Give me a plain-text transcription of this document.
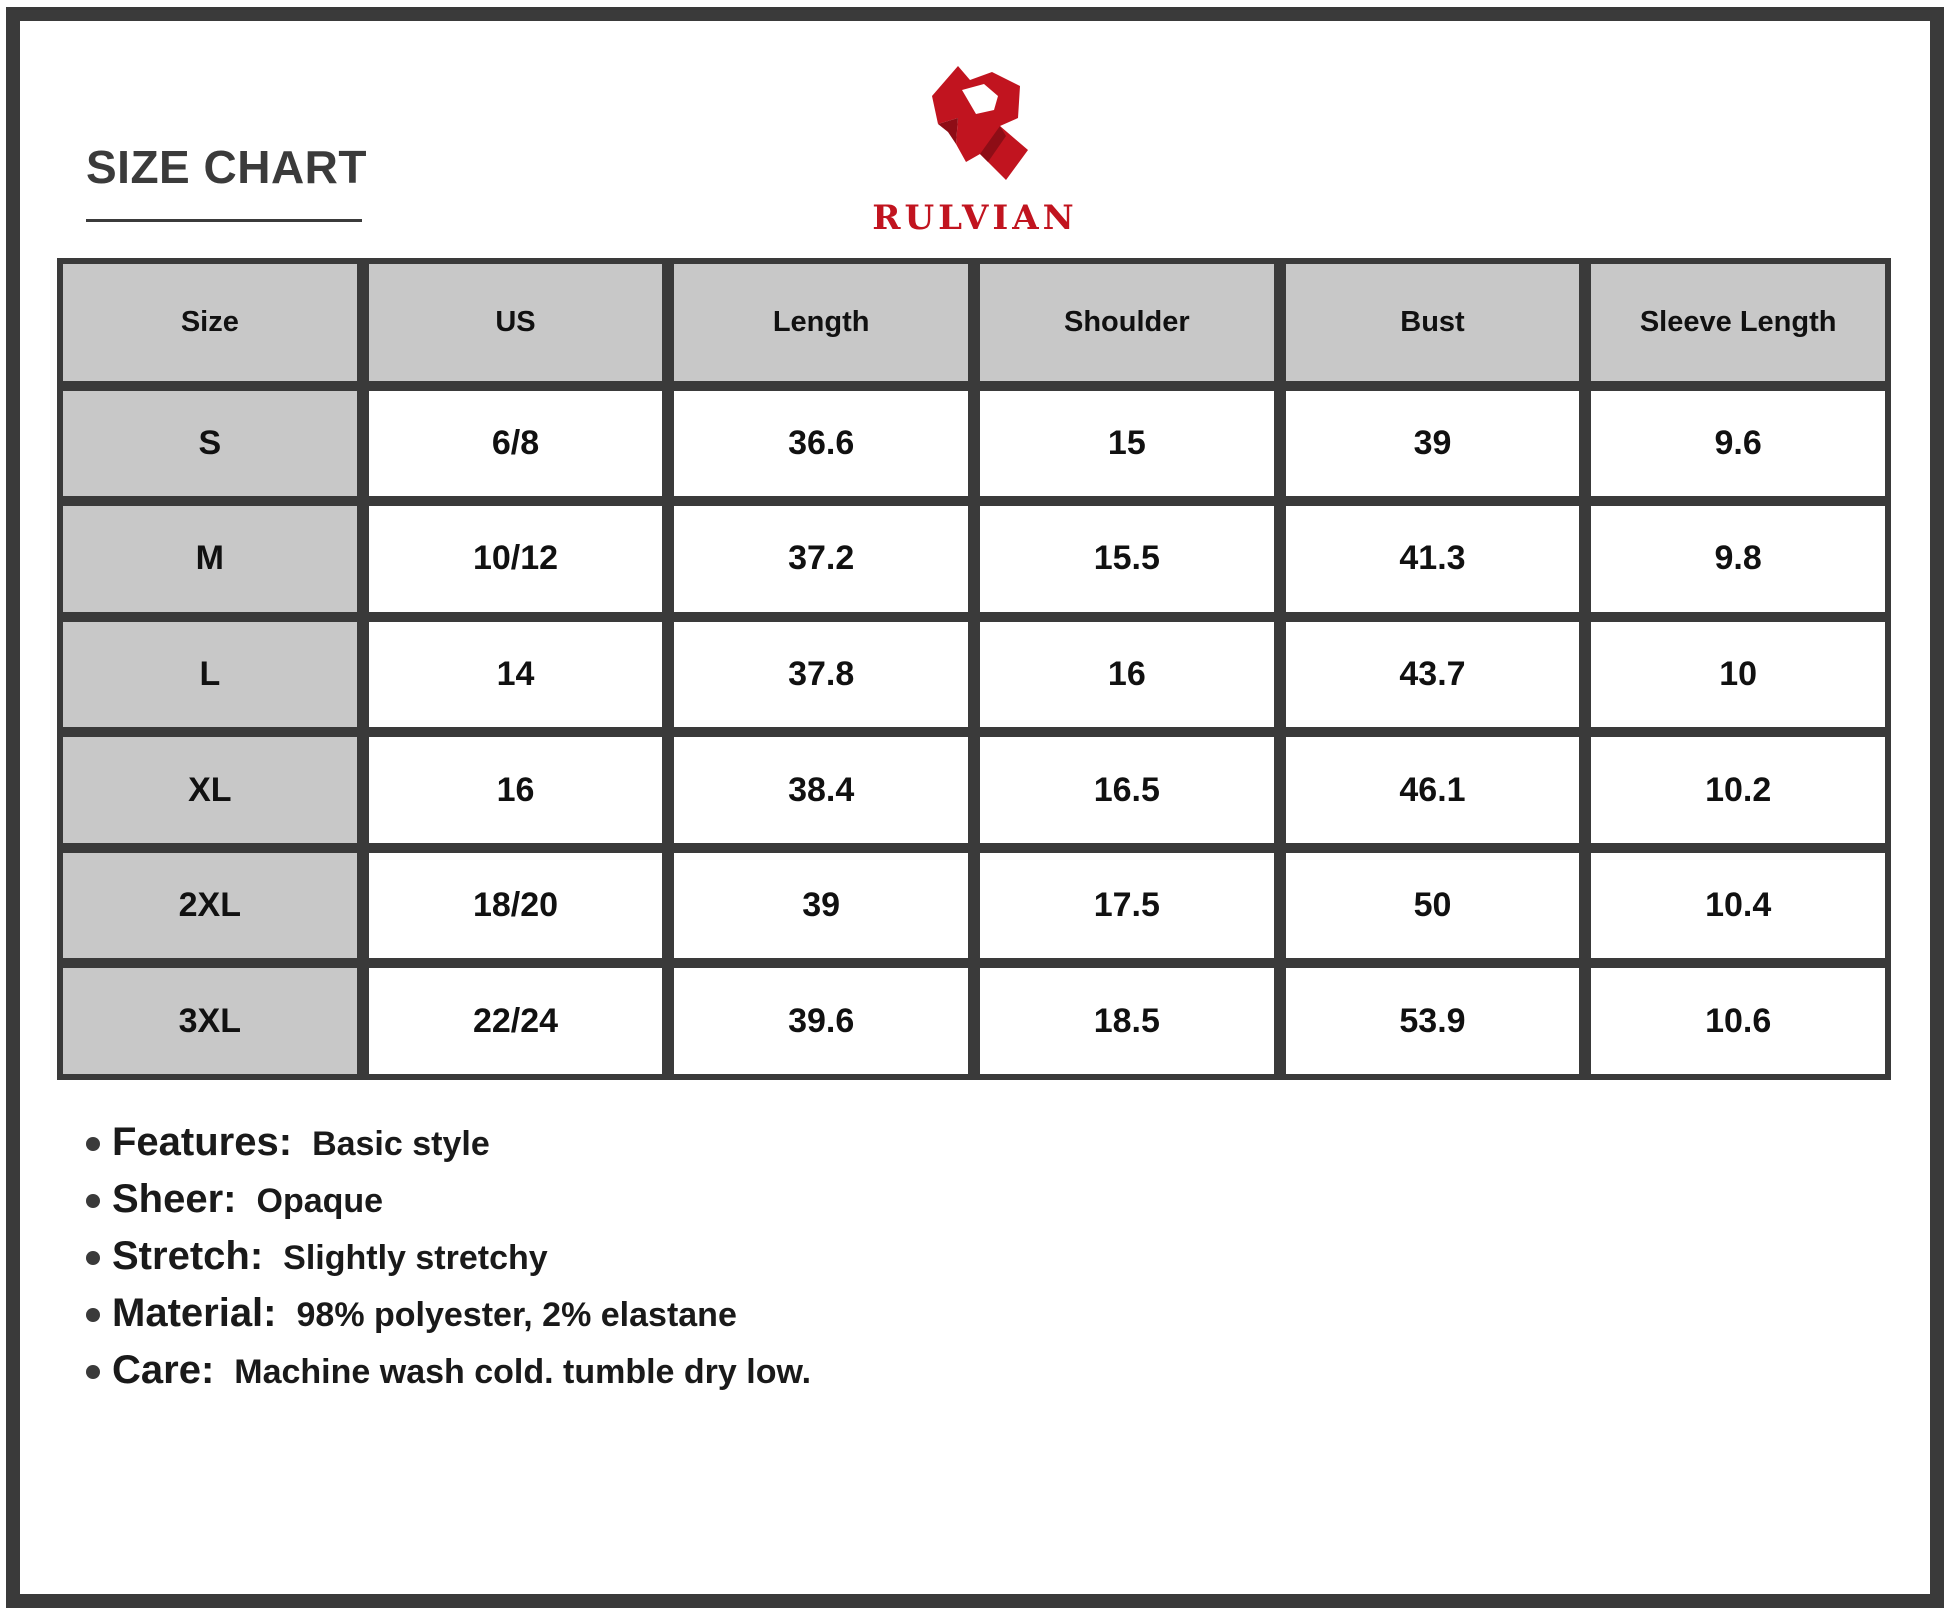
SIZE CHART
RULVIAN
Size	US	Length	Shoulder	Bust	Sleeve Length
S	6/8	36.6	15	39	9.6
M	10/12	37.2	15.5	41.3	9.8
L	14	37.8	16	43.7	10
XL	16	38.4	16.5	46.1	10.2
2XL	18/20	39	17.5	50	10.4
3XL	22/24	39.6	18.5	53.9	10.6
Features: Basic style
Sheer: Opaque
Stretch: Slightly stretchy
Material: 98% polyester, 2% elastane
Care: Machine wash cold. tumble dry low.
